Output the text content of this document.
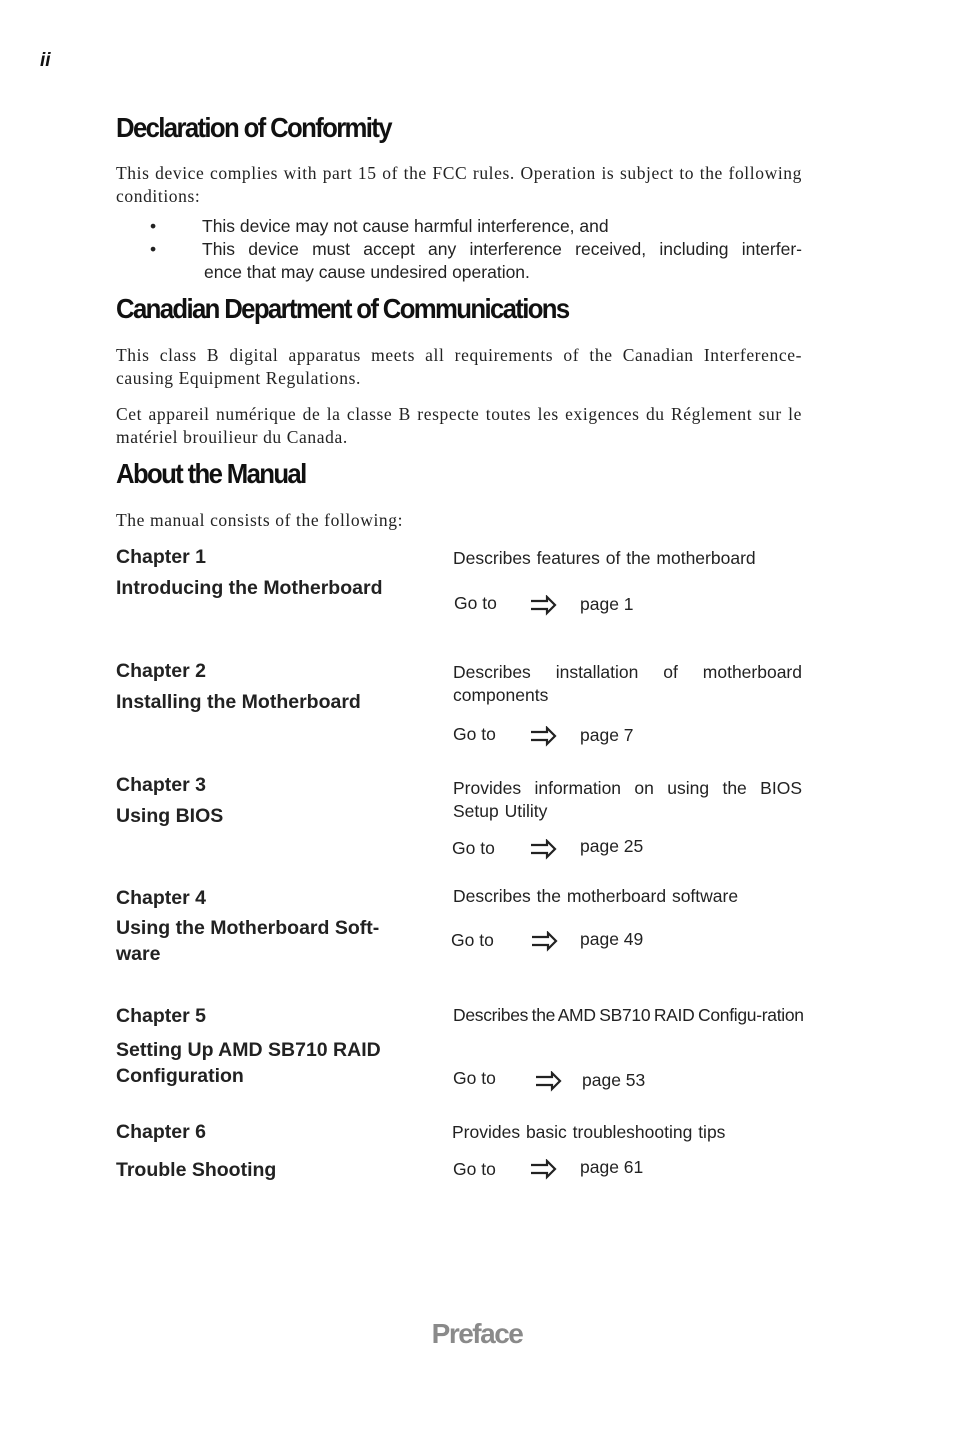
ii
Declaration of Conformity

This device complies with part 15 of the FCC rules. Operation is subject to the following conditions:

•	This device may not cause harmful interference, and
•	This device must accept any interference received, including interfer-
ence that may cause undesired operation.
Canadian Department of Communications

This class B digital apparatus meets all requirements of the Canadian Interference-causing Equipment Regulations.

Cet appareil numérique de la classe B respecte toutes les exigences du Réglement sur le matériel brouilieur du Canada.

About the Manual

The manual consists of the following:

Chapter 1
Introducing the Motherboard
Describes features of the motherboard
Go to	page 1
Chapter 2
Installing the Motherboard
Describes installation of motherboard components
Go to	page 7
Chapter 3
Using BIOS
Provides information on using the BIOS Setup Utility
Go to	page 25
Chapter 4
Using the Motherboard Soft-ware
Describes the motherboard software
Go to	page 49
Chapter 5
Setting Up AMD SB710 RAID Configuration
Describes the AMD SB710 RAID Configu-ration
Go to	page 53
Chapter 6
Trouble Shooting
Provides basic troubleshooting tips
Go to	page 61
Preface
